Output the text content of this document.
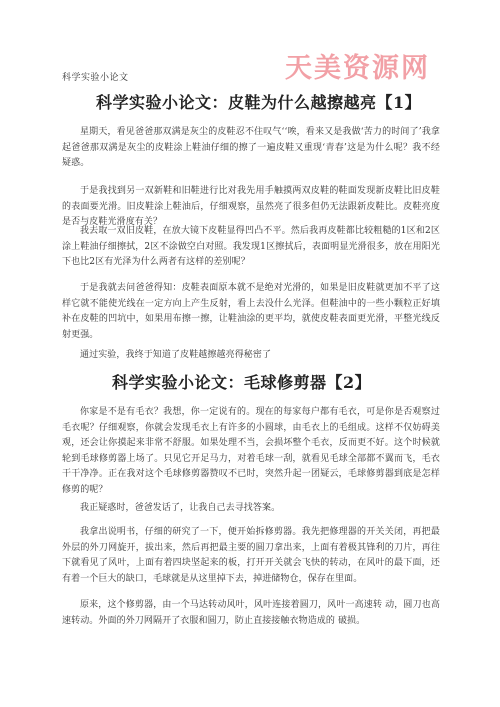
科学实验小论文	天美资源网
科学实验小论文：皮鞋为什么越擦越亮【1】

星期天，看见爸爸那双满是灰尘的皮鞋忍不住叹气‘‘唉，看来又是我做‘苦力的时间了’我拿起爸爸那双满是灰尘的皮鞋涂上鞋油仔细的擦了一遍皮鞋又重现‘青春’这是为什么呢？我不经疑惑。

于是我找到另一双新鞋和旧鞋进行比对我先用手触摸两双皮鞋的鞋面发现新皮鞋比旧皮鞋的表面要光滑。旧皮鞋涂上鞋油后，仔细观察，虽然亮了很多但仍无法跟新皮鞋比。皮鞋亮度是否与皮鞋光滑度有关？

我去取一双旧皮鞋，在放大镜下皮鞋显得凹凸不平。然后我再皮鞋都比较粗糙的1区和2区涂上鞋油仔细擦拭，2区不涂做空白对照。我发现1区擦拭后，表面明显光滑很多，放在用阳光下也比2区有光泽为什么两者有这样的差别呢？

于是我就去问爸爸得知：皮鞋表面原本就不是绝对光滑的，如果是旧皮鞋就更加不平了这样它就不能使光线在一定方向上产生反射，看上去没什么光泽。但鞋油中的一些小颗粒正好填补在皮鞋的凹坑中，如果用布擦一擦，让鞋油涂的更平均，就使皮鞋表面更光滑，平整光线反射更强。

通过实验，我终于知道了皮鞋越擦越亮得秘密了

科学实验小论文：毛球修剪器【2】

你家是不是有毛衣？我想，你一定说有的。现在的每家每户都有毛衣，可是你是否观察过毛衣呢？仔细观察，你就会发现毛衣上有许多的小圆球，由毛衣上的毛组成。这样不仅妨碍美观，还会让你摸起来非常不舒服。如果处理不当，会损坏整个毛衣，反而更不好。这个时候就轮到毛球修剪器上场了。只见它开足马力，对着毛球一刮，就看见毛球全部都不翼而飞，毛衣干干净净。正在我对这个毛球修剪器赞叹不已时，突然升起一团疑云，毛球修剪器到底是怎样修剪的呢？

我正疑惑时，爸爸发话了，让我自己去寻找答案。

我拿出说明书，仔细的研究了一下，便开始拆修剪器。我先把修理器的开关关闭，再把最外层的外刀网旋开，拔出来，然后再把最主要的圆刀拿出来，上面有着极其锋利的刀片，再往下就看见了风叶，上面有着四块坚起来的板，打开开关就会飞快的转动，在风叶的最下面，还有着一个巨大的缺口，毛球就是从这里掉下去，掉进储物仓，保存在里面。

原来，这个修剪器，由一个马达转动风叶，风叶连接着圆刀，风叶一高速转 动，圆刀也高速转动。外面的外刀网隔开了衣服和圆刀，防止直接接触衣物造成的 破损。
